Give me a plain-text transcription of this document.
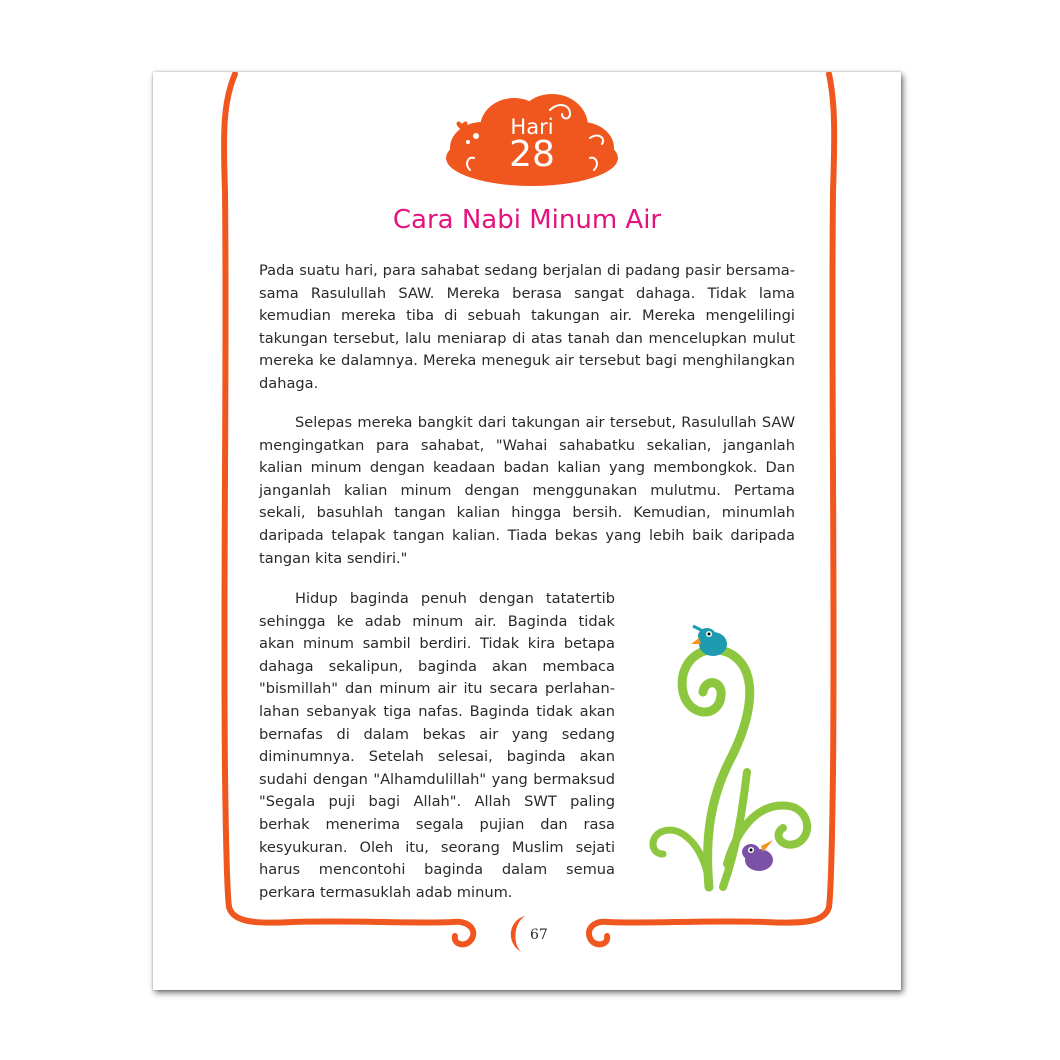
Hari
28
Cara Nabi Minum Air

Pada suatu hari, para sahabat sedang berjalan di padang pasir bersama-sama Rasulullah SAW. Mereka berasa sangat dahaga. Tidak lama kemudian mereka tiba di sebuah takungan air. Mereka mengelilingi takungan tersebut, lalu meniarap di atas tanah dan mencelupkan mulut mereka ke dalamnya. Mereka meneguk air tersebut bagi menghilangkan dahaga.

Selepas mereka bangkit dari takungan air tersebut, Rasulullah SAW mengingatkan para sahabat, "Wahai sahabatku sekalian, janganlah kalian minum dengan keadaan badan kalian yang membongkok. Dan janganlah kalian minum dengan menggunakan mulutmu. Pertama sekali, basuhlah tangan kalian hingga bersih. Kemudian, minumlah daripada telapak tangan kalian. Tiada bekas yang lebih baik daripada tangan kita sendiri."

Hidup baginda penuh dengan tatatertib sehingga ke adab minum air. Baginda tidak akan minum sambil berdiri. Tidak kira betapa dahaga sekalipun, baginda akan membaca "bismillah" dan minum air itu secara perlahan-lahan sebanyak tiga nafas. Baginda tidak akan bernafas di dalam bekas air yang sedang diminumnya. Setelah selesai, baginda akan sudahi dengan "Alhamdulillah" yang bermaksud "Segala puji bagi Allah". Allah SWT paling berhak menerima segala pujian dan rasa kesyukuran. Oleh itu, seorang Muslim sejati harus mencontohi baginda dalam semua perkara termasuklah adab minum.

67
